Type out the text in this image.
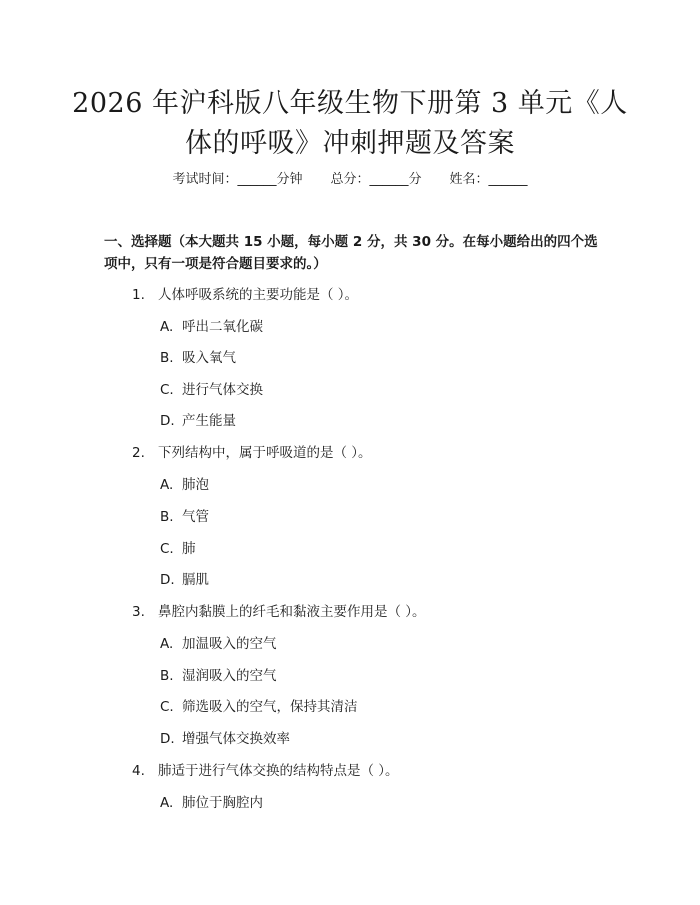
2026 年沪科版八年级生物下册第 3 单元《人
体的呼吸》冲刺押题及答案
考试时间：______分钟 总分：______分 姓名：______
一、选择题（本大题共 15 小题，每小题 2 分，共 30 分。在每小题给出的四个选
项中，只有一项是符合题目要求的。）
1. 人体呼吸系统的主要功能是（ ）。
A. 呼出二氧化碳
B. 吸入氧气
C. 进行气体交换
D. 产生能量
2. 下列结构中，属于呼吸道的是（ ）。
A. 肺泡
B. 气管
C. 肺
D. 膈肌
3. 鼻腔内黏膜上的纤毛和黏液主要作用是（ ）。
A. 加温吸入的空气
B. 湿润吸入的空气
C. 筛选吸入的空气，保持其清洁
D. 增强气体交换效率
4. 肺适于进行气体交换的结构特点是（ ）。
A. 肺位于胸腔内
